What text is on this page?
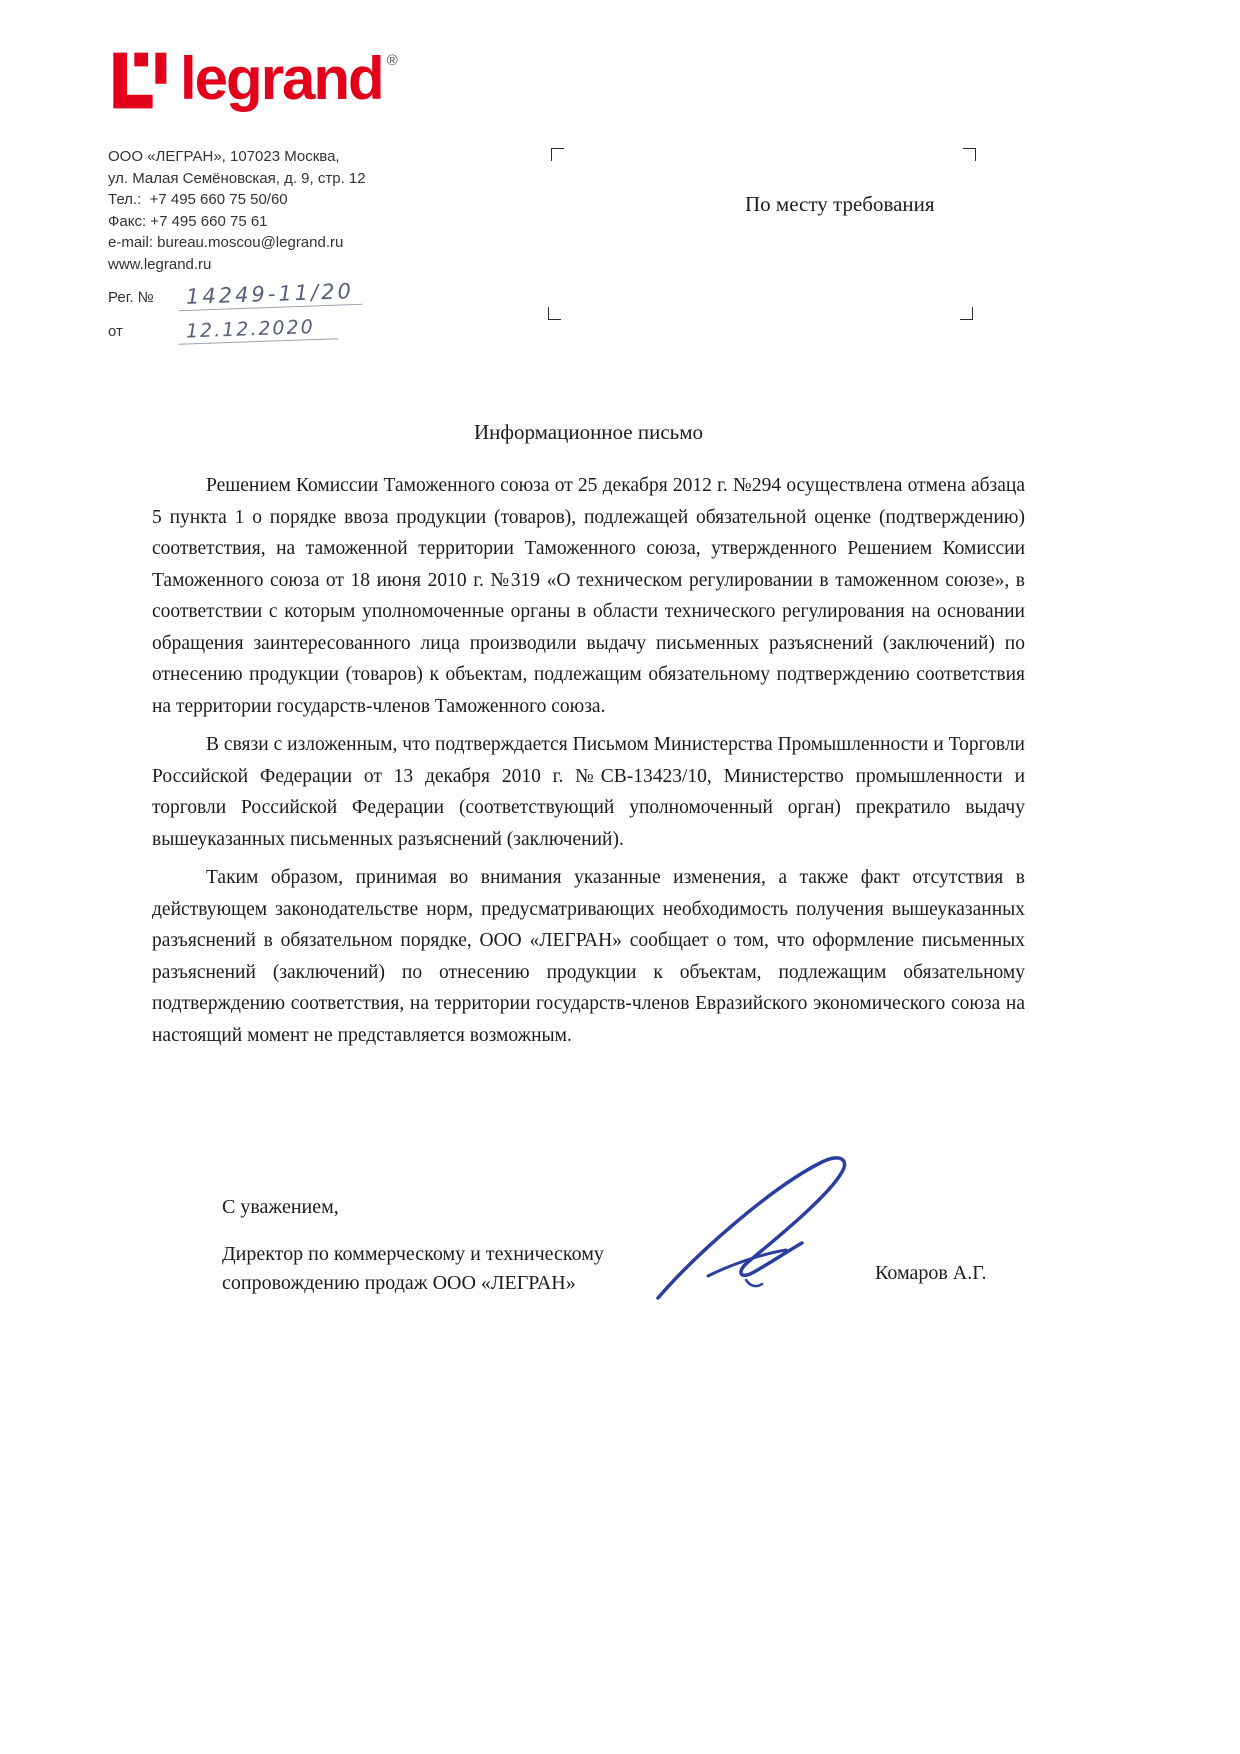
legrand ®
ООО «ЛЕГРАН», 107023 Москва,
ул. Малая Семёновская, д. 9, стр. 12
Тел.:  +7 495 660 75 50/60
Факс: +7 495 660 75 61
e-mail: bureau.moscou@legrand.ru
www.legrand.ru
Рег. №	14249-11/20
от	12.12.2020
По месту требования
Информационное письмо

Решением Комиссии Таможенного союза от 25 декабря 2012 г. №294 осуществлена отмена абзаца 5 пункта 1 о порядке ввоза продукции (товаров), подлежащей обязательной оценке (подтверждению) соответствия, на таможенной территории Таможенного союза, утвержденного Решением Комиссии Таможенного союза от 18 июня 2010 г. №319 «О техническом регулировании в таможенном союзе», в соответствии с которым уполномоченные органы в области технического регулирования на основании обращения заинтересованного лица производили выдачу письменных разъяснений (заключений) по отнесению продукции (товаров) к объектам, подлежащим обязательному подтверждению соответствия на территории государств-членов Таможенного союза.

В связи с изложенным, что подтверждается Письмом Министерства Промышленности и Торговли Российской Федерации от 13 декабря 2010 г. №СВ-13423/10, Министерство промышленности и торговли Российской Федерации (соответствующий уполномоченный орган) прекратило выдачу вышеуказанных письменных разъяснений (заключений).

Таким образом, принимая во внимания указанные изменения, а также факт отсутствия в действующем законодательстве норм, предусматривающих необходимость получения вышеуказанных разъяснений в обязательном порядке, ООО «ЛЕГРАН» сообщает о том, что оформление письменных разъяснений (заключений) по отнесению продукции к объектам, подлежащим обязательному подтверждению соответствия, на территории государств-членов Евразийского экономического союза на настоящий момент не представляется возможным.

С уважением,
Директор по коммерческому и техническому
сопровождению продаж ООО «ЛЕГРАН»	Комаров А.Г.
